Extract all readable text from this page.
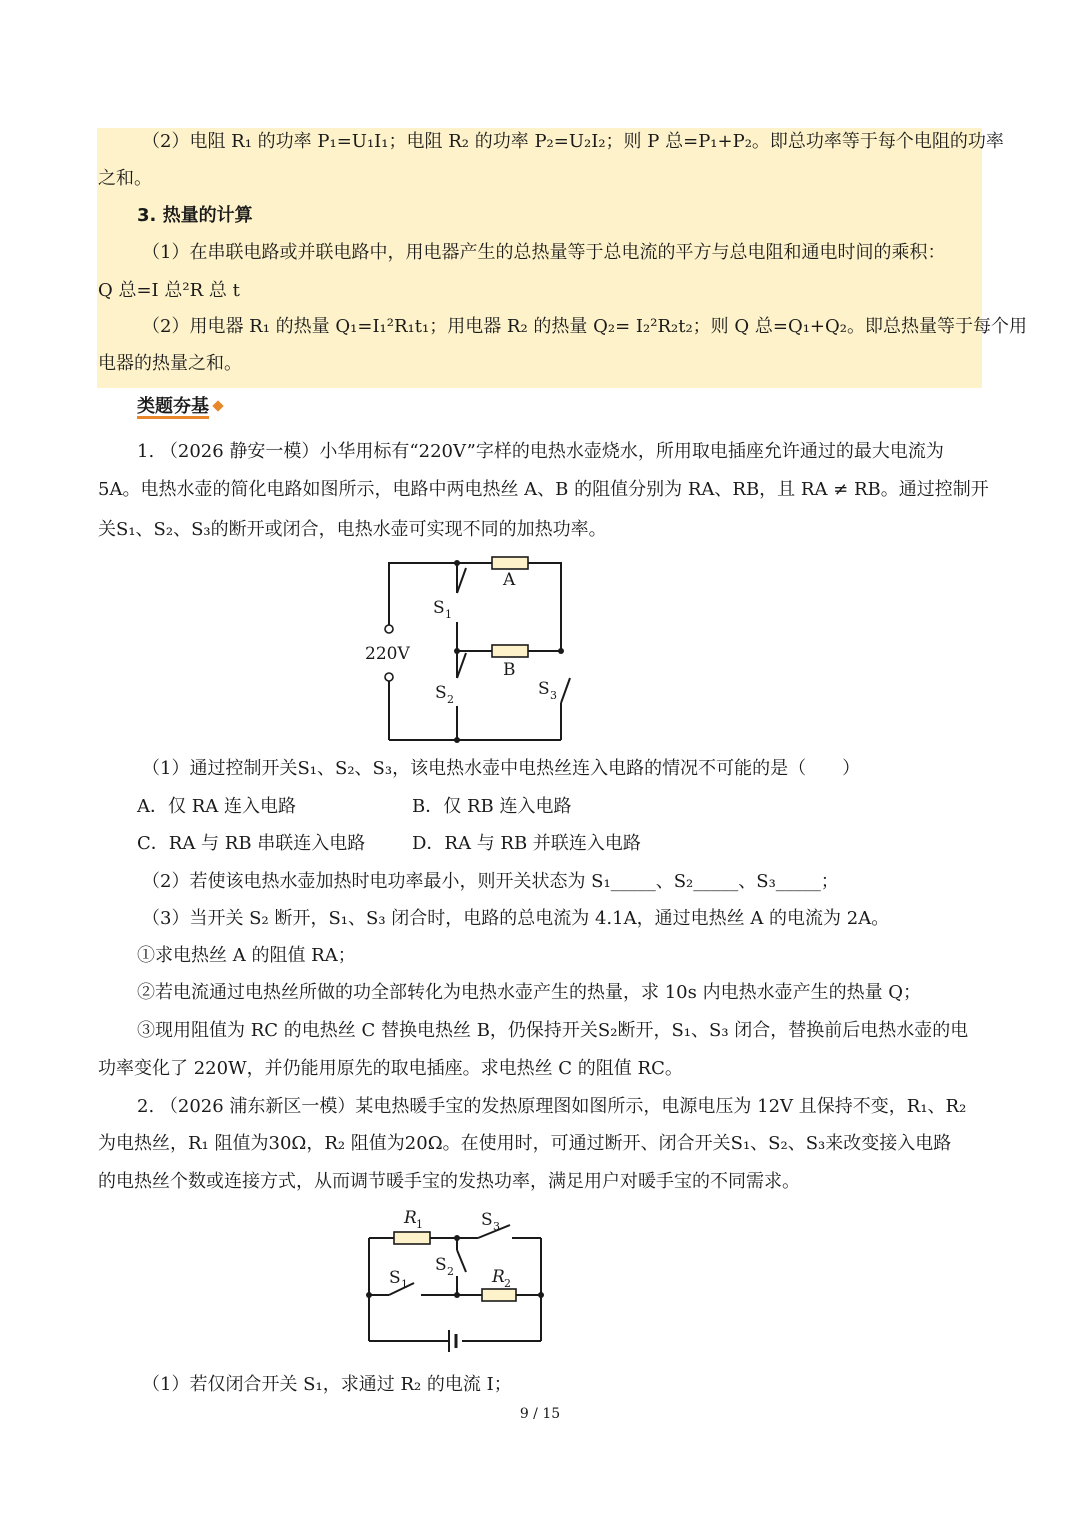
（2）电阻 R₁ 的功率 P₁=U₁I₁；电阻 R₂ 的功率 P₂=U₂I₂；则 P 总=P₁+P₂。即总功率等于每个电阻的功率
之和。
3. 热量的计算
（1）在串联电路或并联电路中，用电器产生的总热量等于总电流的平方与总电阻和通电时间的乘积：
Q 总=I 总²R 总 t
（2）用电器 R₁ 的热量 Q₁=I₁²R₁t₁；用电器 R₂ 的热量 Q₂= I₂²R₂t₂；则 Q 总=Q₁+Q₂。即总热量等于每个用
电器的热量之和。
类题夯基
1. （2026 静安一模）小华用标有“220V”字样的电热水壶烧水，所用取电插座允许通过的最大电流为
5A。电热水壶的简化电路如图所示，电路中两电热丝 A、B 的阻值分别为 RA、RB，且 RA ≠ RB。通过控制开
关S₁、S₂、S₃的断开或闭合，电热水壶可实现不同的加热功率。
A
B
220V
S 1
S 2
S 3
（1）通过控制开关S₁、S₂、S₃，该电热水壶中电热丝连入电路的情况不可能的是（　　）
A．仅 RA 连入电路	B．仅 RB 连入电路
C．RA 与 RB 串联连入电路	D．RA 与 RB 并联连入电路
（2）若使该电热水壶加热时电功率最小，则开关状态为 S₁_____、S₂_____、S₃_____；
（3）当开关 S₂ 断开，S₁、S₃ 闭合时，电路的总电流为 4.1A，通过电热丝 A 的电流为 2A。
①求电热丝 A 的阻值 RA；
②若电流通过电热丝所做的功全部转化为电热水壶产生的热量，求 10s 内电热水壶产生的热量 Q；
③现用阻值为 RC 的电热丝 C 替换电热丝 B，仍保持开关S₂断开，S₁、S₃ 闭合，替换前后电热水壶的电
功率变化了 220W，并仍能用原先的取电插座。求电热丝 C 的阻值 RC。
2. （2026 浦东新区一模）某电热暖手宝的发热原理图如图所示，电源电压为 12V 且保持不变，R₁、R₂
为电热丝，R₁ 阻值为30Ω，R₂ 阻值为20Ω。在使用时，可通过断开、闭合开关S₁、S₂、S₃来改变接入电路
的电热丝个数或连接方式，从而调节暖手宝的发热功率，满足用户对暖手宝的不同需求。
R 1	S 3
S 2 R 2
S 1
（1）若仅闭合开关 S₁，求通过 R₂ 的电流 I；
9 / 15
